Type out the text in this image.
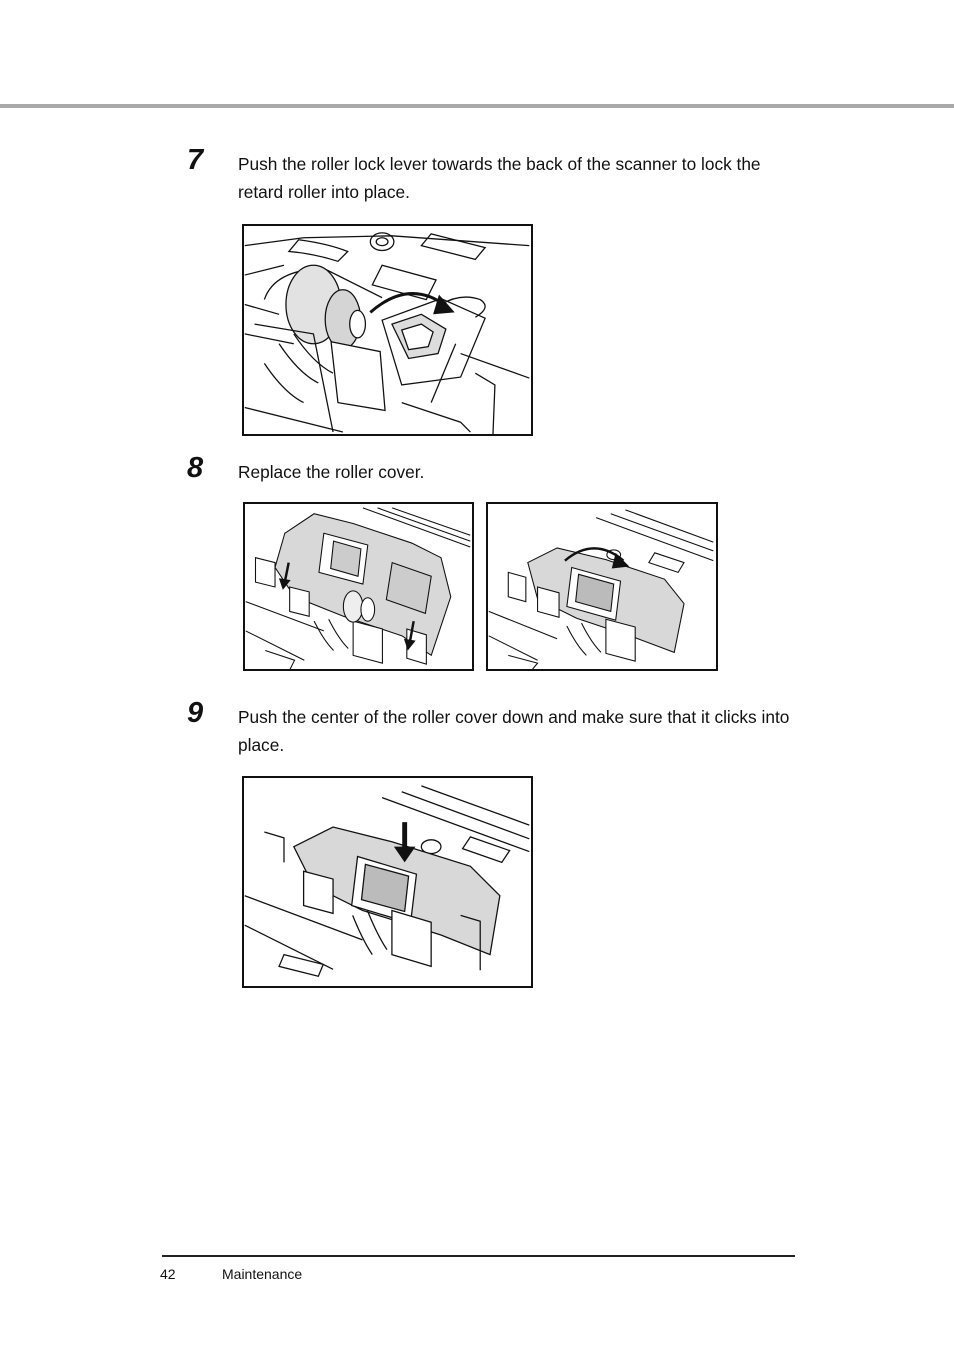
7 Push the roller lock lever towards the back of the scanner to lock the retard roller into place.
8 Replace the roller cover.
9 Push the center of the roller cover down and make sure that it clicks into place.
42	Maintenance
